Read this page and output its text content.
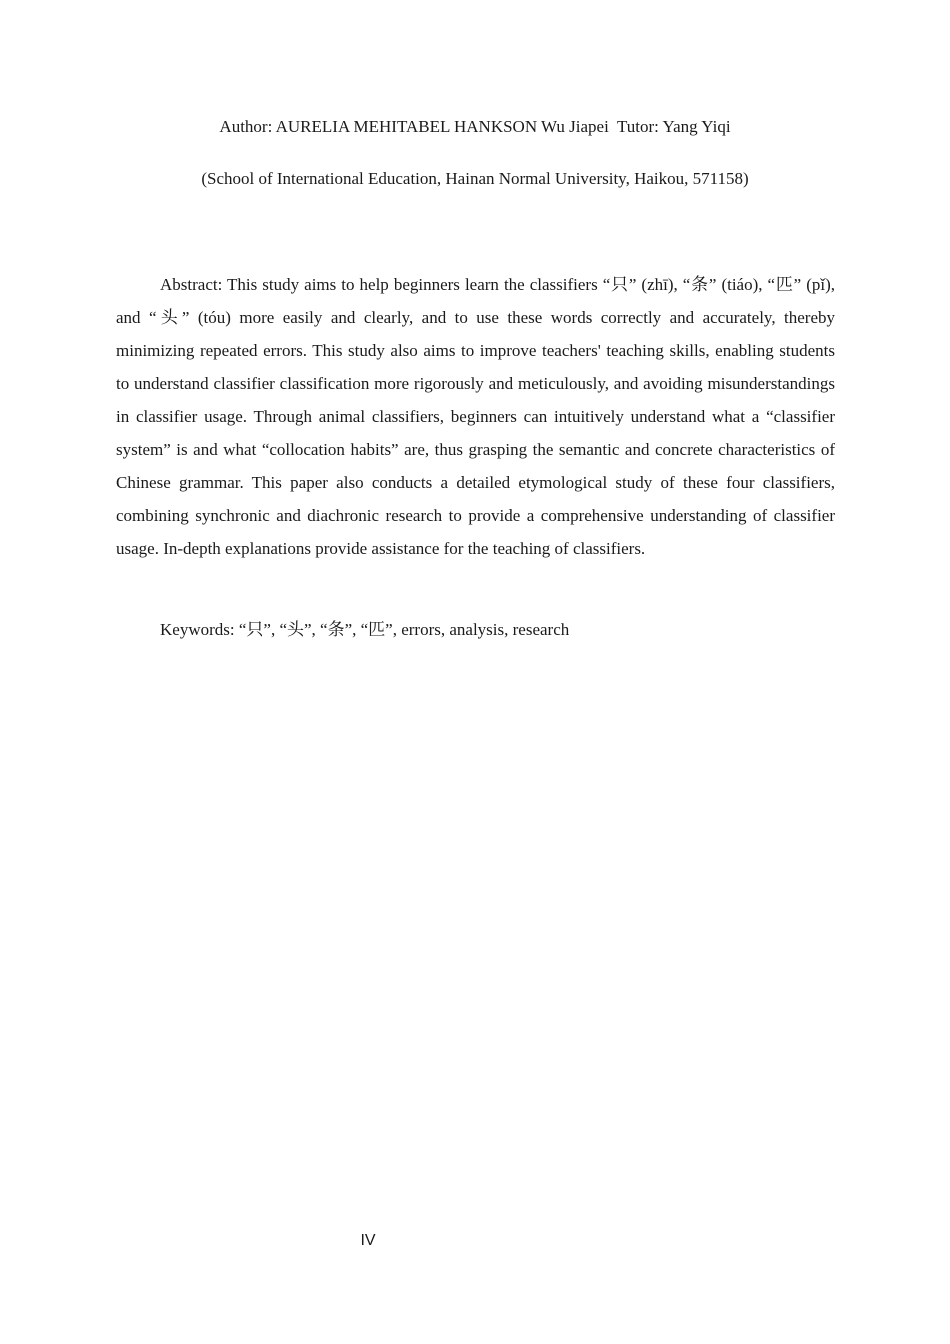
Author: AURELIA MEHITABEL HANKSON Wu Jiapei  Tutor: Yang Yiqi
(School of International Education, Hainan Normal University, Haikou, 571158)

Abstract: This study aims to help beginners learn the classifiers “只” (zhī), “条” (tiáo), “匹” (pǐ), and “头” (tóu) more easily and clearly, and to use these words correctly and accurately, thereby minimizing repeated errors. This study also aims to improve teachers' teaching skills, enabling students to understand classifier classification more rigorously and meticulously, and avoiding misunderstandings in classifier usage. Through animal classifiers, beginners can intuitively understand what a “classifier system” is and what “collocation habits” are, thus grasping the semantic and concrete characteristics of Chinese grammar. This paper also conducts a detailed etymological study of these four classifiers, combining synchronic and diachronic research to provide a comprehensive understanding of classifier usage. In-depth explanations provide assistance for the teaching of classifiers.

Keywords: “只”, “头”, “条”, “匹”, errors, analysis, research

IV
